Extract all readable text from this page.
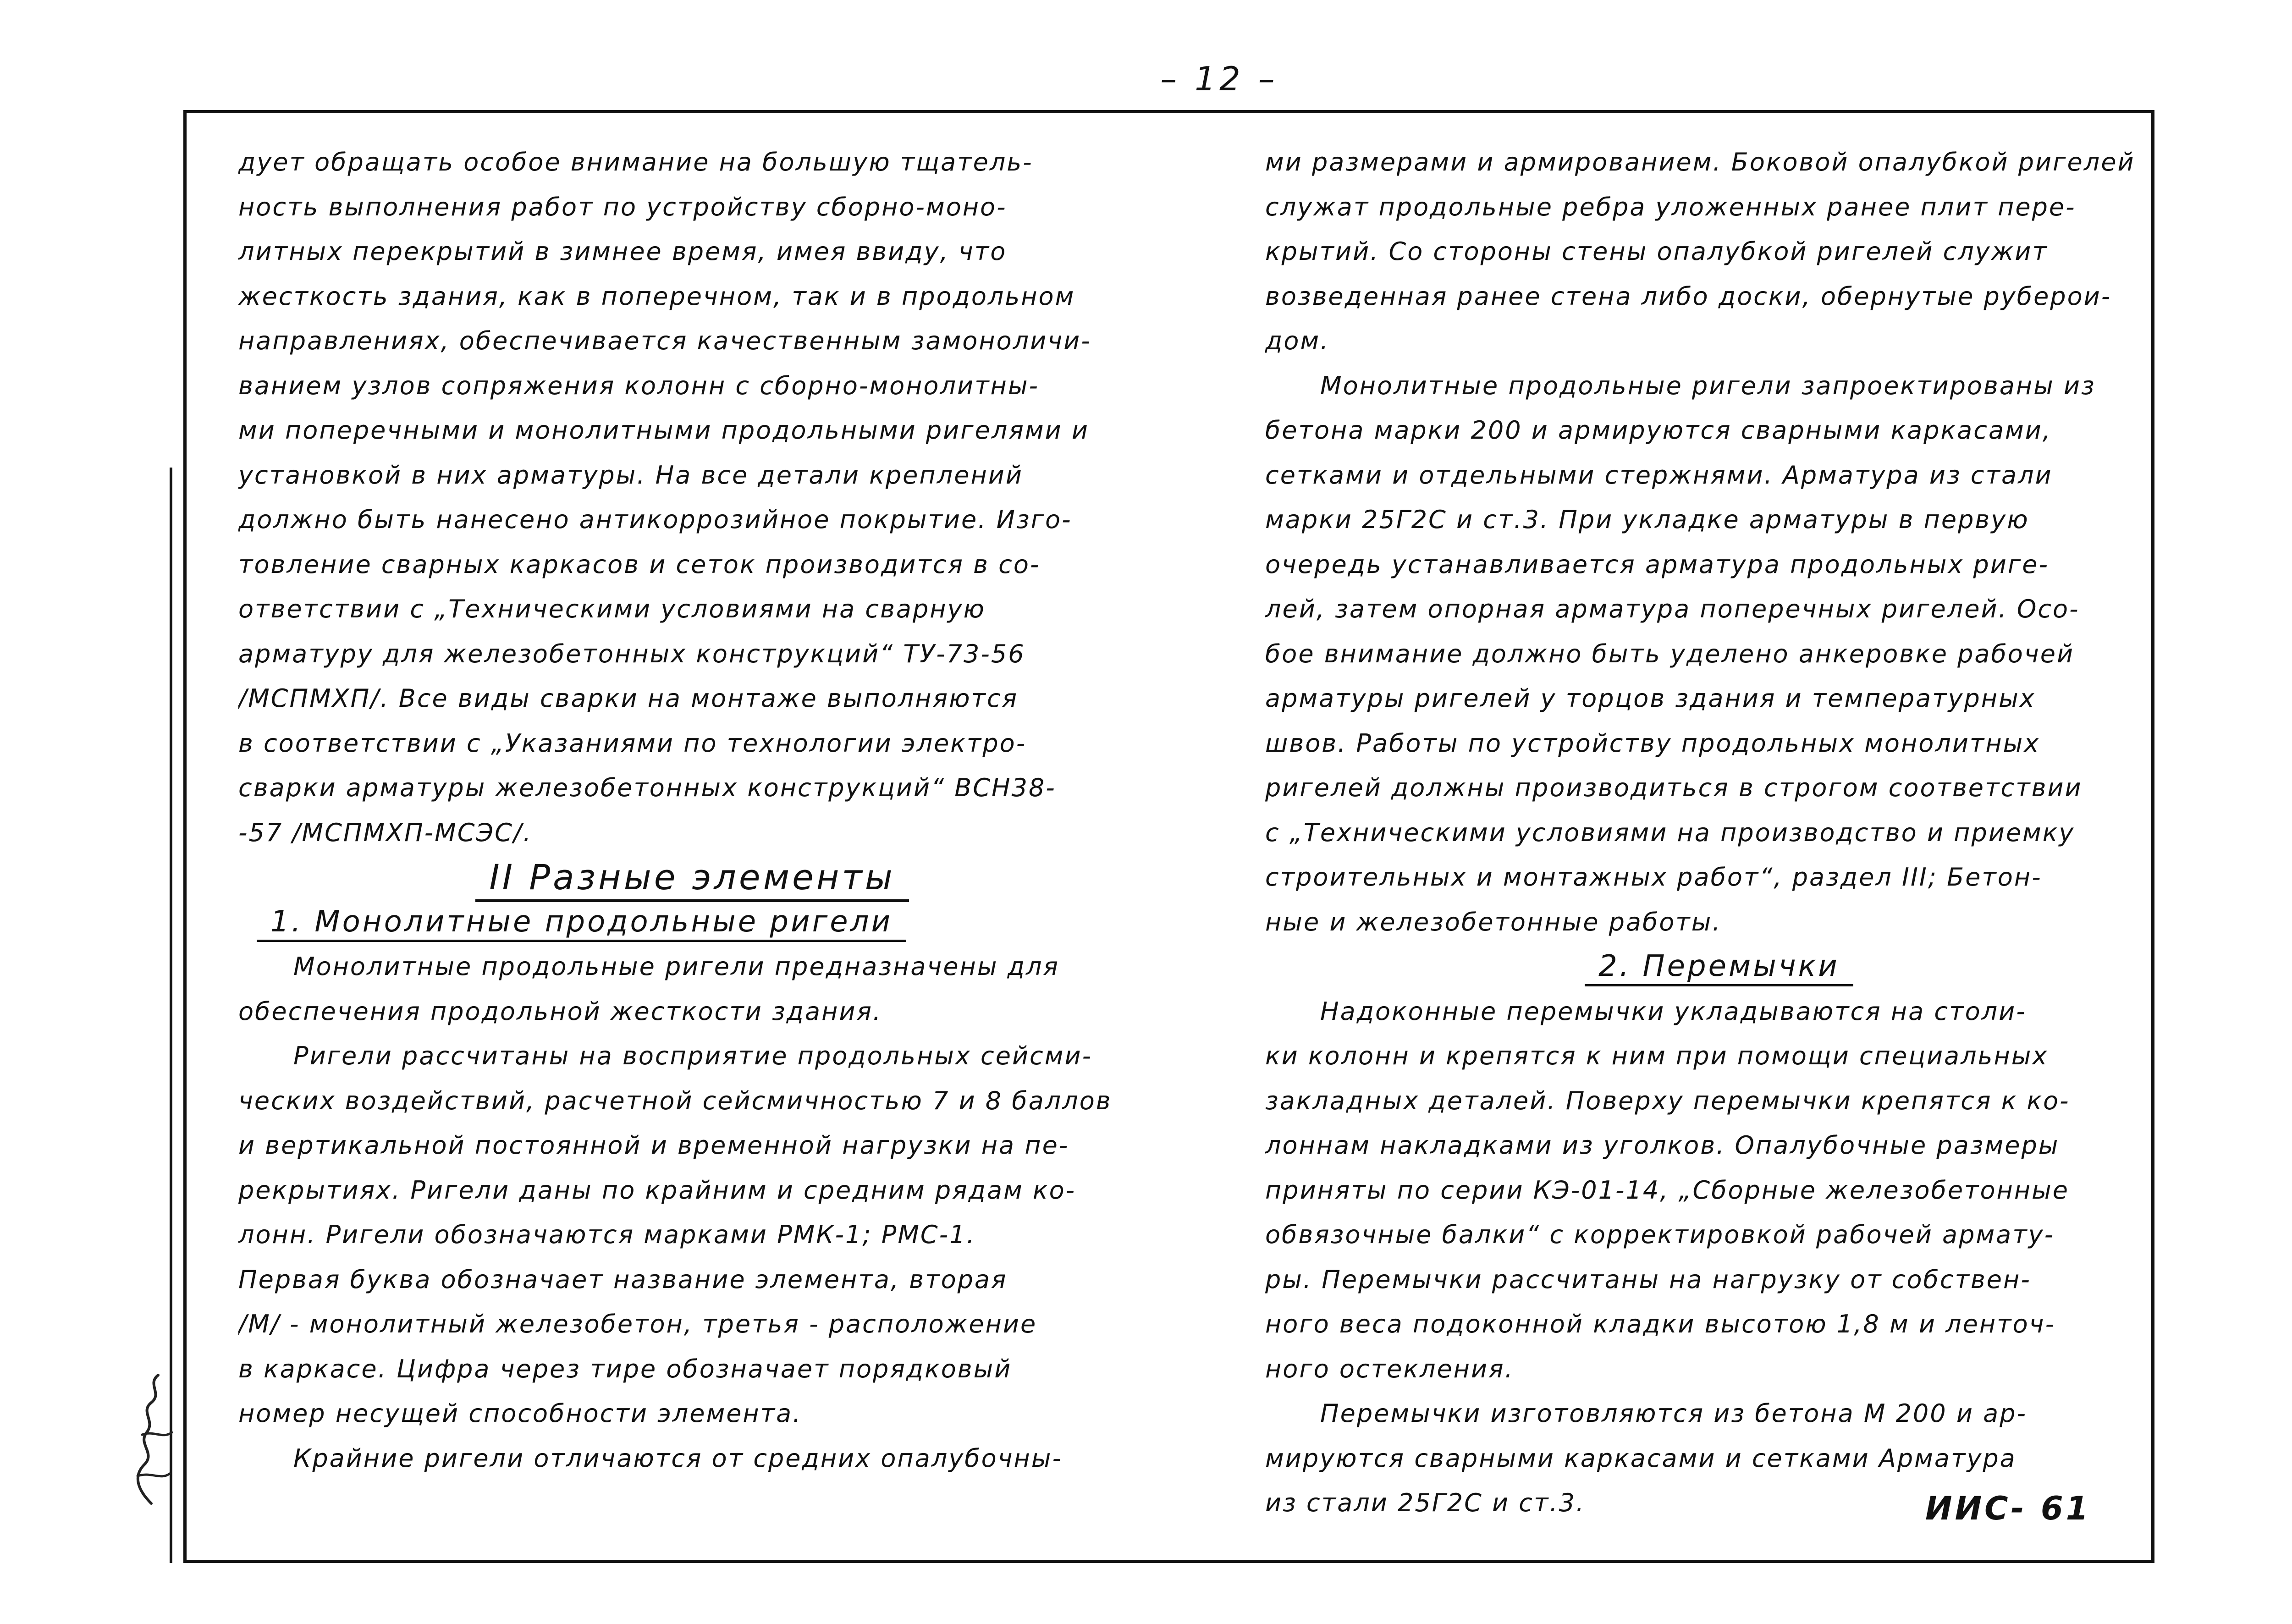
– 12 –
дует обращать особое внимание на большую тщатель-
ность выполнения работ по устройству сборно-моно-
литных перекрытий в зимнее время, имея ввиду, что
жесткость здания, как в поперечном, так и в продольном
направлениях, обеспечивается качественным замоноличи-
ванием узлов сопряжения колонн с сборно-монолитны-
ми поперечными и монолитными продольными ригелями и
установкой в них арматуры. На все детали креплений
должно быть нанесено антикоррозийное покрытие. Изго-
товление сварных каркасов и сеток производится в со-
ответствии с „Техническими условиями на сварную
арматуру для железобетонных конструкций“ ТУ-73-56
/МСПМХП/. Все виды сварки на монтаже выполняются
в соответствии с „Указаниями по технологии электро-
сварки арматуры железобетонных конструкций“ ВСН38-
-57 /МСПМХП-МСЭС/.
II Разные элементы
1. Монолитные продольные ригели
Монолитные продольные ригели предназначены для
обеспечения продольной жесткости здания.
Ригели рассчитаны на восприятие продольных сейсми-
ческих воздействий, расчетной сейсмичностью 7 и 8 баллов
и вертикальной постоянной и временной нагрузки на пе-
рекрытиях. Ригели даны по крайним и средним рядам ко-
лонн. Ригели обозначаются марками РМК-1; РМС-1.
Первая буква обозначает название элемента, вторая
/М/ - монолитный железобетон, третья - расположение
в каркасе. Цифра через тире обозначает порядковый
номер несущей способности элемента.
Крайние ригели отличаются от средних опалубочны-
ми размерами и армированием. Боковой опалубкой ригелей
служат продольные ребра уложенных ранее плит пере-
крытий. Со стороны стены опалубкой ригелей служит
возведенная ранее стена либо доски, обернутые руберои-
дом.
Монолитные продольные ригели запроектированы из
бетона марки 200 и армируются сварными каркасами,
сетками и отдельными стержнями. Арматура из стали
марки 25Г2С и ст.3. При укладке арматуры в первую
очередь устанавливается арматура продольных риге-
лей, затем опорная арматура поперечных ригелей. Осо-
бое внимание должно быть уделено анкеровке рабочей
арматуры ригелей у торцов здания и температурных
швов. Работы по устройству продольных монолитных
ригелей должны производиться в строгом соответствии
с „Техническими условиями на производство и приемку
строительных и монтажных работ“, раздел III; Бетон-
ные и железобетонные работы.
2. Перемычки
Надоконные перемычки укладываются на столи-
ки колонн и крепятся к ним при помощи специальных
закладных деталей. Поверху перемычки крепятся к ко-
лоннам накладками из уголков. Опалубочные размеры
приняты по серии КЭ-01-14, „Сборные железобетонные
обвязочные балки“ с корректировкой рабочей армату-
ры. Перемычки рассчитаны на нагрузку от собствен-
ного веса подоконной кладки высотою 1,8 м и ленточ-
ного остекления.
Перемычки изготовляются из бетона М 200 и ар-
мируются сварными каркасами и сетками Арматура
из стали 25Г2С и ст.3.	ИИС- 61
